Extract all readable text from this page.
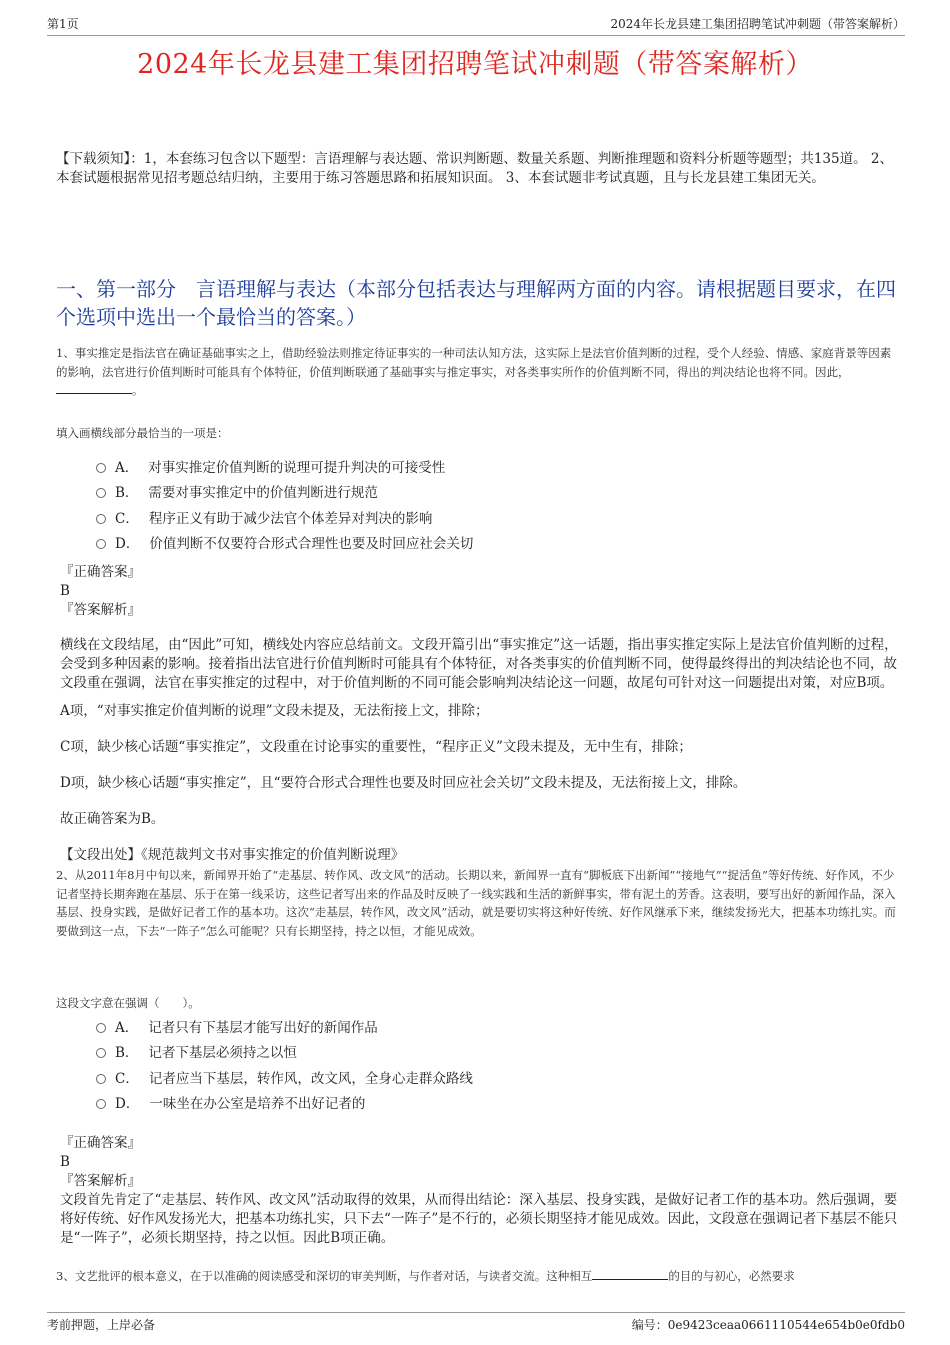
第1页	2024年长龙县建工集团招聘笔试冲刺题（带答案解析）
2024年长龙县建工集团招聘笔试冲刺题（带答案解析）
【下载须知】：1，本套练习包含以下题型：言语理解与表达题、常识判断题、数量关系题、判断推理题和资料分析题等题型；共135道。 2、本套试题根据常见招考题总结归纳，主要用于练习答题思路和拓展知识面。 3、本套试题非考试真题，且与长龙县建工集团无关。
一、第一部分　言语理解与表达（本部分包括表达与理解两方面的内容。请根据题目要求，在四个选项中选出一个最恰当的答案。）
1、事实推定是指法官在确证基础事实之上，借助经验法则推定待证事实的一种司法认知方法，这实际上是法官价值判断的过程，受个人经验、情感、家庭背景等因素的影响，法官进行价值判断时可能具有个体特征，价值判断联通了基础事实与推定事实，对各类事实所作的价值判断不同，得出的判决结论也将不同。因此，。
填入画横线部分最恰当的一项是：
A． 对事实推定价值判断的说理可提升判决的可接受性
B． 需要对事实推定中的价值判断进行规范
C． 程序正义有助于减少法官个体差异对判决的影响
D． 价值判断不仅要符合形式合理性也要及时回应社会关切

『正确答案』

B

『答案解析』

横线在文段结尾，由“因此”可知，横线处内容应总结前文。文段开篇引出“事实推定”这一话题，指出事实推定实际上是法官价值判断的过程，会受到多种因素的影响。接着指出法官进行价值判断时可能具有个体特征，对各类事实的价值判断不同，使得最终得出的判决结论也不同，故文段重在强调，法官在事实推定的过程中，对于价值判断的不同可能会影响判决结论这一问题，故尾句可针对这一问题提出对策，对应B项。

A项，“对事实推定价值判断的说理”文段未提及，无法衔接上文，排除；

C项，缺少核心话题“事实推定”，文段重在讨论事实的重要性，“程序正义”文段未提及，无中生有，排除；

D项，缺少核心话题“事实推定”，且“要符合形式合理性也要及时回应社会关切”文段未提及，无法衔接上文，排除。

故正确答案为B。

【文段出处】《规范裁判文书对事实推定的价值判断说理》

2、从2011年8月中旬以来，新闻界开始了“走基层、转作风、改文风”的活动。长期以来，新闻界一直有“脚板底下出新闻”“接地气”“捉活鱼”等好传统、好作风，不少记者坚持长期奔跑在基层、乐于在第一线采访，这些记者写出来的作品及时反映了一线实践和生活的新鲜事实，带有泥土的芳香。这表明，要写出好的新闻作品，深入基层、投身实践，是做好记者工作的基本功。这次“走基层，转作风，改文风”活动，就是要切实将这种好传统、好作风继承下来，继续发扬光大，把基本功练扎实。而要做到这一点，下去“一阵子”怎么可能呢？只有长期坚持，持之以恒，才能见成效。
这段文字意在强调（　　）。
A． 记者只有下基层才能写出好的新闻作品
B． 记者下基层必须持之以恒
C． 记者应当下基层，转作风，改文风，全身心走群众路线
D． 一味坐在办公室是培养不出好记者的

『正确答案』

B

『答案解析』

文段首先肯定了“走基层、转作风、改文风”活动取得的效果，从而得出结论：深入基层、投身实践，是做好记者工作的基本功。然后强调，要将好传统、好作风发扬光大，把基本功练扎实，只下去“一阵子”是不行的，必须长期坚持才能见成效。因此，文段意在强调记者下基层不能只是“一阵子”，必须长期坚持，持之以恒。因此B项正确。

3、文艺批评的根本意义，在于以准确的阅读感受和深切的审美判断，与作者对话，与读者交流。这种相互	的目的与初心，必然要求
考前押题，上岸必备	编号：0e9423ceaa0661110544e654b0e0fdb0
